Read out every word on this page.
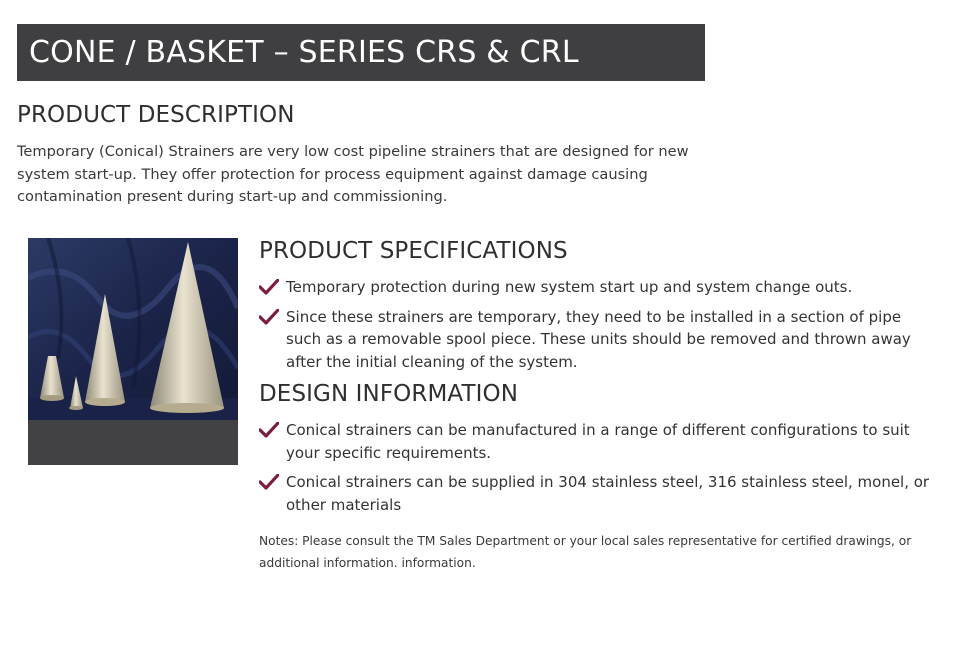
CONE / BASKET – SERIES CRS & CRL
PRODUCT DESCRIPTION

Temporary (Conical) Strainers are very low cost pipeline strainers that are designed for new system start-up. They offer protection for process equipment against damage causing contamination present during start-up and commissioning.

PRODUCT SPECIFICATIONS
Temporary protection during new system start up and system change outs.
Since these strainers are temporary, they need to be installed in a section of pipe such as a removable spool piece. These units should be removed and thrown away after the initial cleaning of the system.
DESIGN INFORMATION
Conical strainers can be manufactured in a range of different configurations to suit your specific requirements.
Conical strainers can be supplied in 304 stainless steel, 316 stainless steel, monel, or other materials

Notes: Please consult the TM Sales Department or your local sales representative for certified drawings, or additional information. information.
